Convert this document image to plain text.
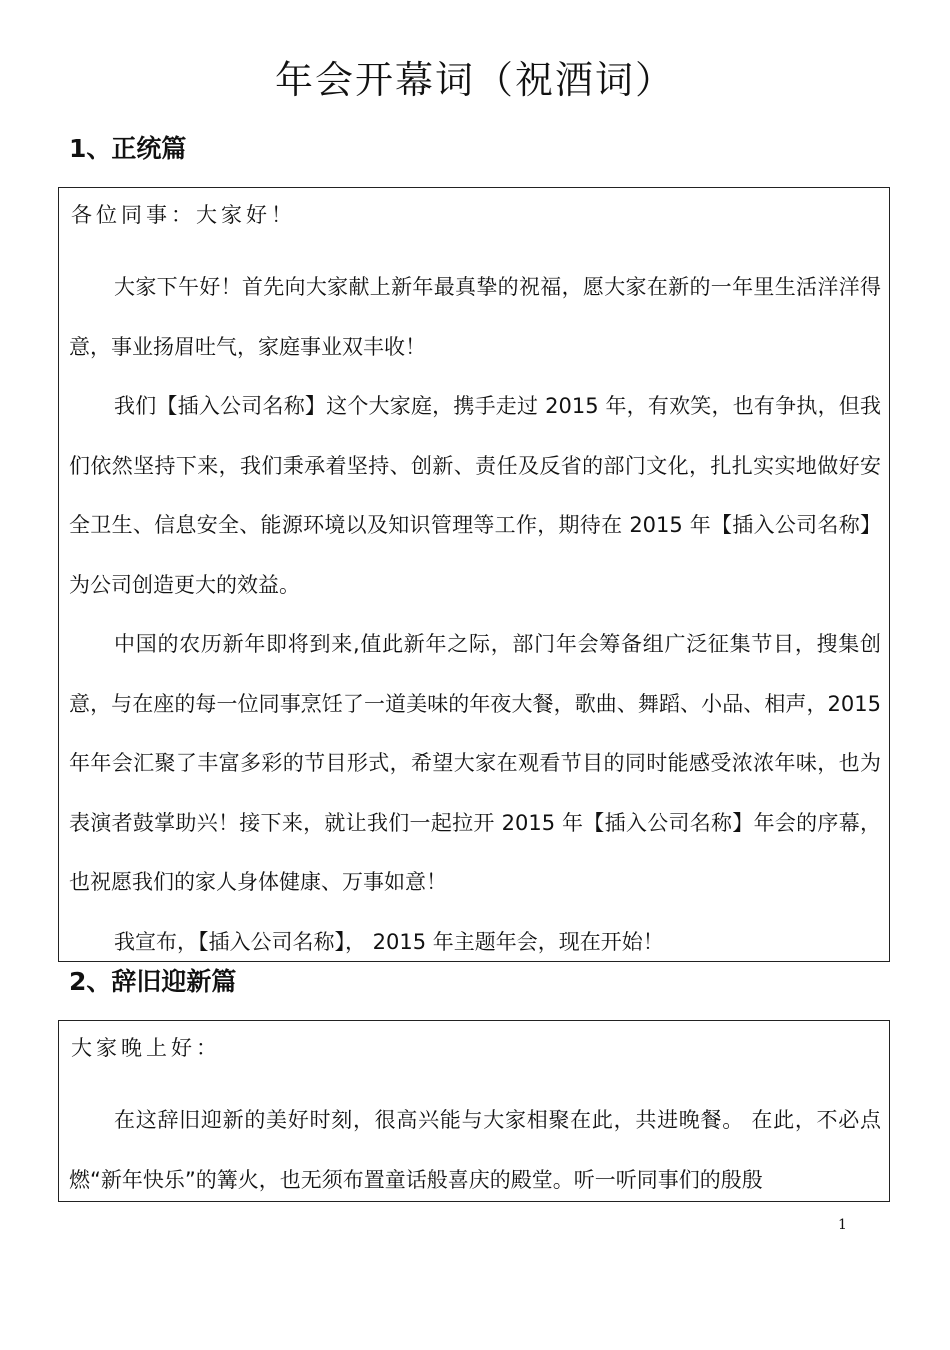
年会开幕词（祝酒词）
1、正统篇

各位同事：大家好！

大家下午好！首先向大家献上新年最真挚的祝福，愿大家在新的一年里生活洋洋得意，事业扬眉吐气，家庭事业双丰收！

我们【插入公司名称】这个大家庭，携手走过 2015 年，有欢笑，也有争执，但我们依然坚持下来，我们秉承着坚持、创新、责任及反省的部门文化，扎扎实实地做好安全卫生、信息安全、能源环境以及知识管理等工作，期待在 2015 年【插入公司名称】为公司创造更大的效益。

中国的农历新年即将到来,值此新年之际，部门年会筹备组广泛征集节目，搜集创意，与在座的每一位同事烹饪了一道美味的年夜大餐，歌曲、舞蹈、小品、相声，2015 年年会汇聚了丰富多彩的节目形式，希望大家在观看节目的同时能感受浓浓年味，也为表演者鼓掌助兴！接下来，就让我们一起拉开 2015 年【插入公司名称】年会的序幕，也祝愿我们的家人身体健康、万事如意！

我宣布，【插入公司名称】， 2015 年主题年会，现在开始！

2、辞旧迎新篇

大家晚上好：

在这辞旧迎新的美好时刻，很高兴能与大家相聚在此，共进晚餐。 在此，不必点燃“新年快乐”的篝火，也无须布置童话般喜庆的殿堂。听一听同事们的殷殷

1
